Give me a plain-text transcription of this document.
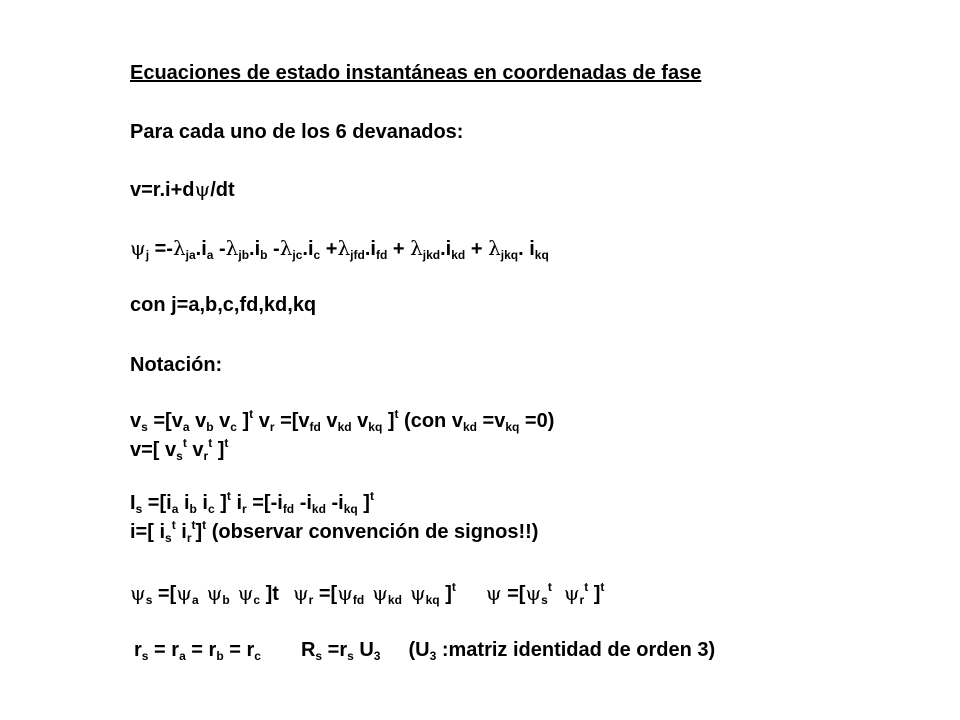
Ecuaciones de estado instantáneas en coordenadas de fase
Para cada uno de los 6 devanados:
v=r.i+dψ/dt
$\psi_j =-\lambda_{ja}.i_a$ $-\lambda_{jb}.i_b$ $-\lambda_{jc}.i_c +\lambda_{jfd}.i_{fd} + \lambda_{jkd}.i_{kd} + \lambda_{jkq}$. $i_{kq}$
con j=a,b,c,fd,kd,kq
Notación:
$v_s =[v_a$ $v_b$ $v_c$ ]$^t$ $v_r =[v_{fd}$ $v_{kd}$ $v_{kq}$ ]$^t$ (con $v_{kd} =v_{kq} =0$)
v=[ $v_s^t$ $v_r^t$ ]$^t$
$I_s =[i_a$ $i_b$ $i_c$ ]$^t$ $i_r =[-i_{fd}$ $-i_{kd}$ $-i_{kq}$ ]$^t$
i=[ $i_s^t$ $i_r^t]^t$ (observar convención de signos!!)
$\psi_s =[\psi_a$ $\psi_b$ $\psi_c$ ]t $\psi_r =[\psi_{fd}$ $\psi_{kd}$ $\psi_{kq}$ ]$^t$ $\psi =[\psi_s^t$ $\psi_r^t$ ]$^t$
$r_s = r_a = r_b = r_c$ $R_s =r_s$ $U_3$ ($U_3$ :matriz identidad de orden 3)
